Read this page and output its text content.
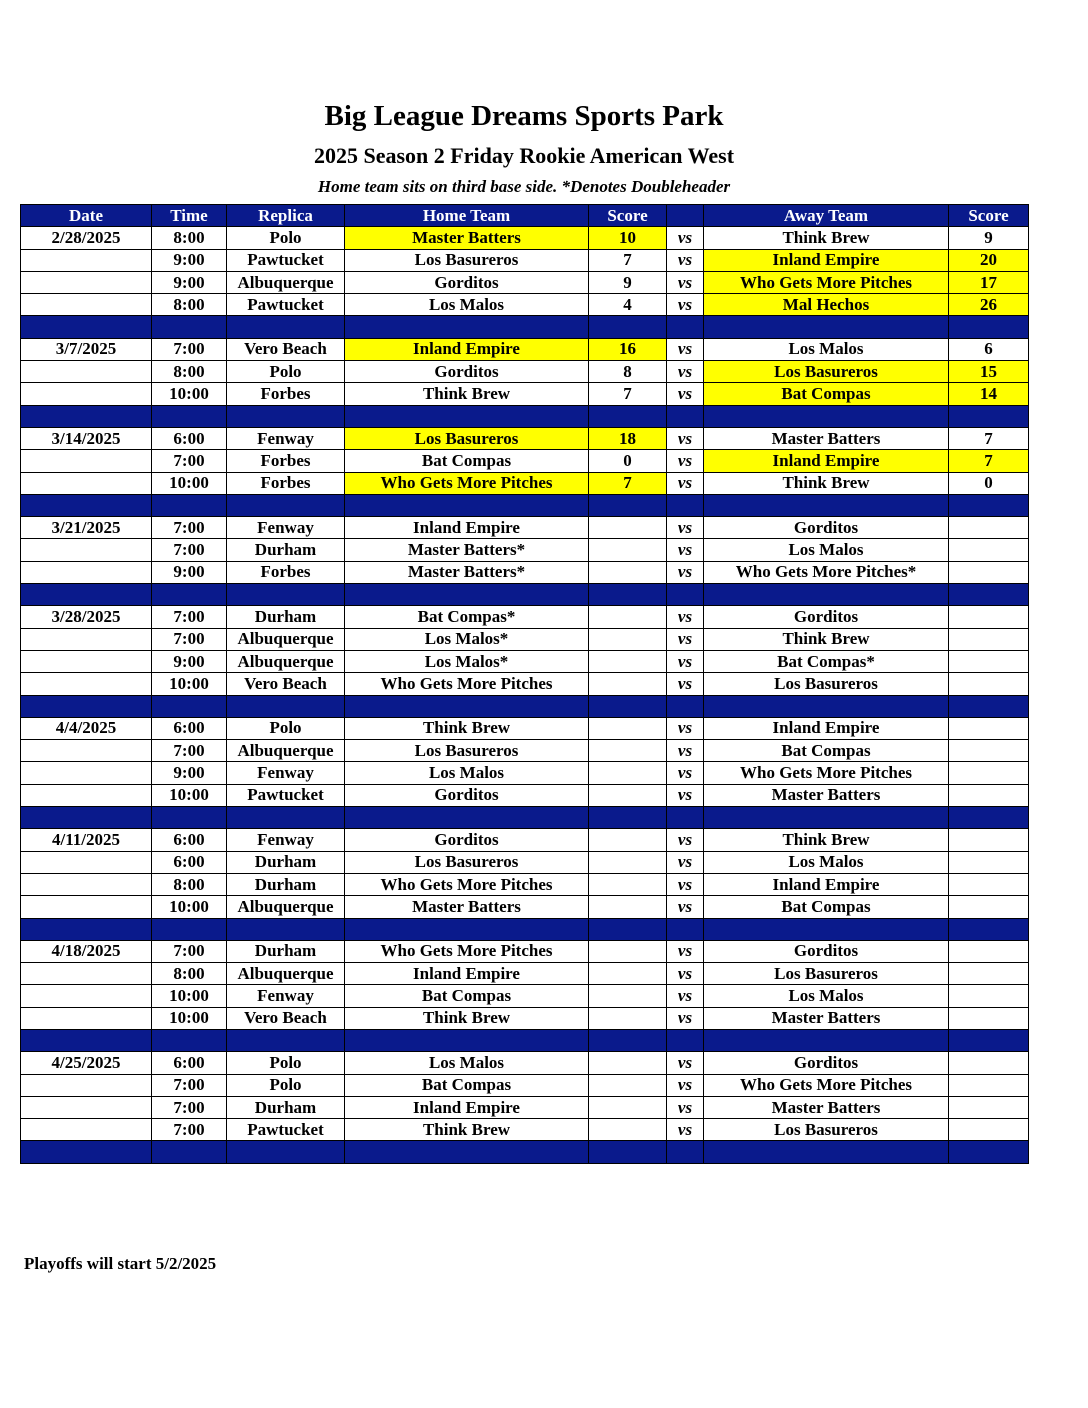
Big League Dreams Sports Park
2025 Season 2 Friday Rookie American West
Home team sits on third base side. *Denotes Doubleheader
Date	Time	Replica	Home Team	Score		Away Team	Score
2/28/2025	8:00	Polo	Master Batters	10	vs	Think Brew	9
	9:00	Pawtucket	Los Basureros	7	vs	Inland Empire	20
	9:00	Albuquerque	Gorditos	9	vs	Who Gets More Pitches	17
	8:00	Pawtucket	Los Malos	4	vs	Mal Hechos	26

3/7/2025	7:00	Vero Beach	Inland Empire	16	vs	Los Malos	6
	8:00	Polo	Gorditos	8	vs	Los Basureros	15
	10:00	Forbes	Think Brew	7	vs	Bat Compas	14

3/14/2025	6:00	Fenway	Los Basureros	18	vs	Master Batters	7
	7:00	Forbes	Bat Compas	0	vs	Inland Empire	7
	10:00	Forbes	Who Gets More Pitches	7	vs	Think Brew	0

3/21/2025	7:00	Fenway	Inland Empire		vs	Gorditos	
	7:00	Durham	Master Batters*		vs	Los Malos	
	9:00	Forbes	Master Batters*		vs	Who Gets More Pitches*	

3/28/2025	7:00	Durham	Bat Compas*		vs	Gorditos	
	7:00	Albuquerque	Los Malos*		vs	Think Brew	
	9:00	Albuquerque	Los Malos*		vs	Bat Compas*	
	10:00	Vero Beach	Who Gets More Pitches		vs	Los Basureros	

4/4/2025	6:00	Polo	Think Brew		vs	Inland Empire	
	7:00	Albuquerque	Los Basureros		vs	Bat Compas	
	9:00	Fenway	Los Malos		vs	Who Gets More Pitches	
	10:00	Pawtucket	Gorditos		vs	Master Batters	

4/11/2025	6:00	Fenway	Gorditos		vs	Think Brew	
	6:00	Durham	Los Basureros		vs	Los Malos	
	8:00	Durham	Who Gets More Pitches		vs	Inland Empire	
	10:00	Albuquerque	Master Batters		vs	Bat Compas	

4/18/2025	7:00	Durham	Who Gets More Pitches		vs	Gorditos	
	8:00	Albuquerque	Inland Empire		vs	Los Basureros	
	10:00	Fenway	Bat Compas		vs	Los Malos	
	10:00	Vero Beach	Think Brew		vs	Master Batters	

4/25/2025	6:00	Polo	Los Malos		vs	Gorditos	
	7:00	Polo	Bat Compas		vs	Who Gets More Pitches	
	7:00	Durham	Inland Empire		vs	Master Batters	
	7:00	Pawtucket	Think Brew		vs	Los Basureros	

Playoffs will start 5/2/2025
